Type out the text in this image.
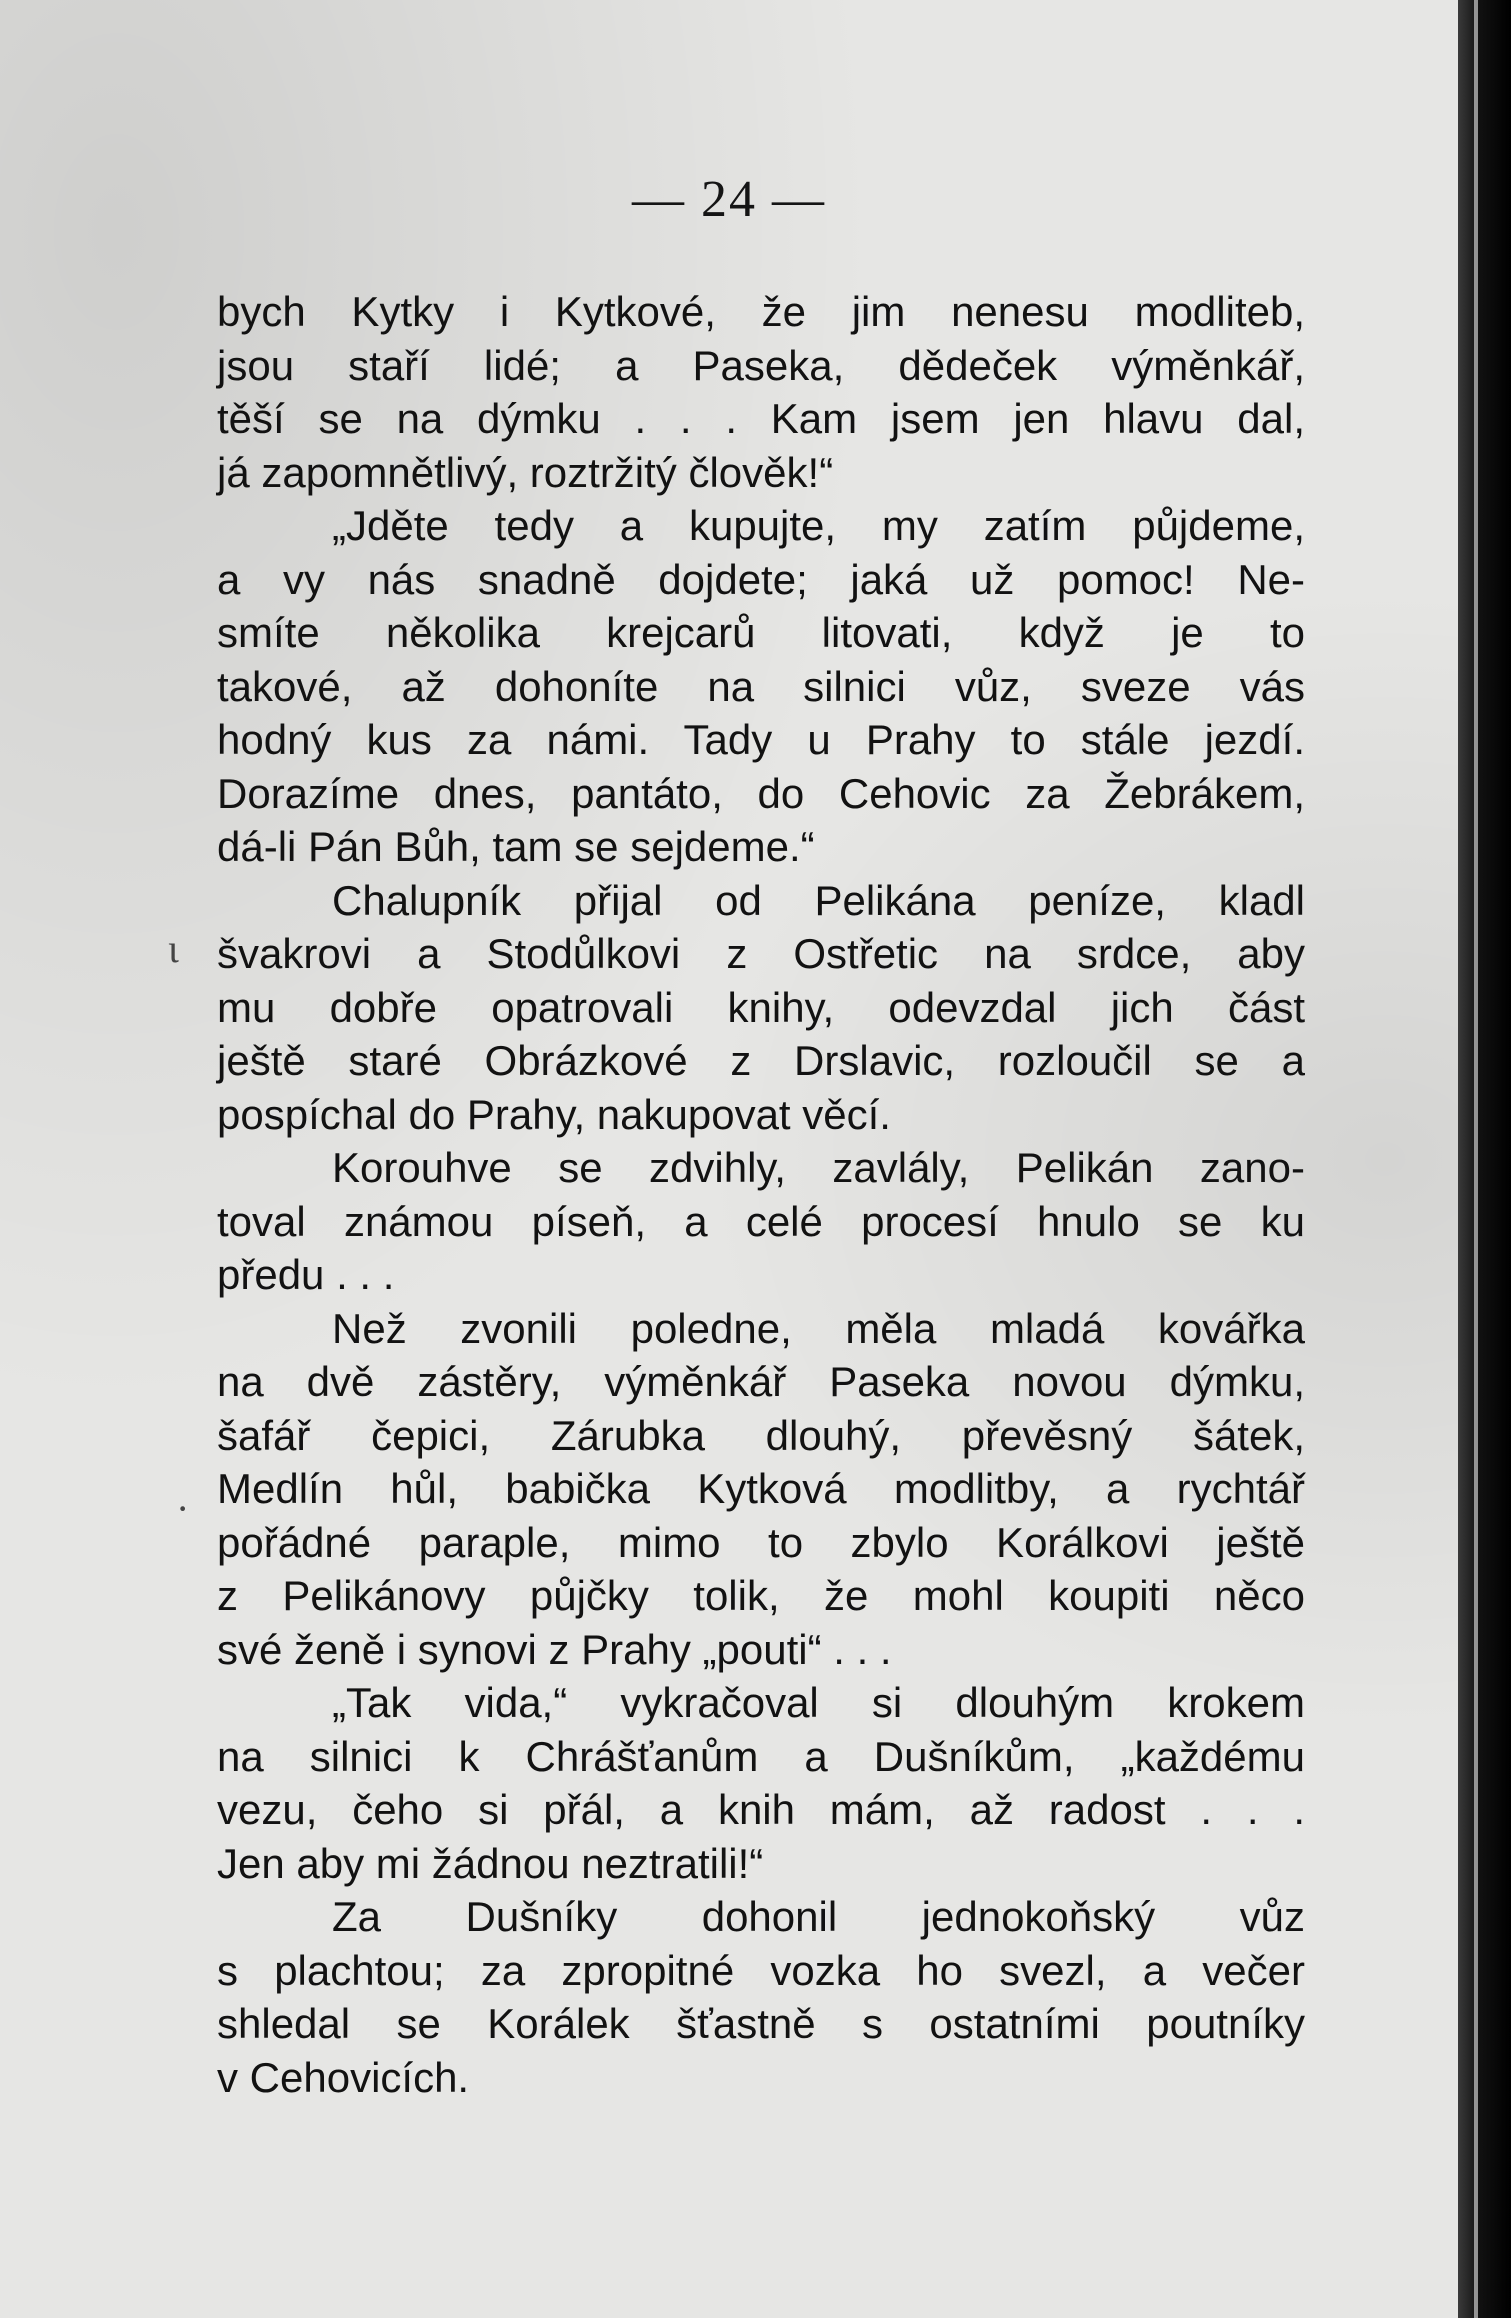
— 24 —
bych Kytky i Kytkové, že jim nenesu modliteb,
jsou staří lidé; a Paseka, dědeček výměnkář,
těší se na dýmku . . . Kam jsem jen hlavu dal,
já zapomnětlivý, roztržitý člověk!“
„Jděte tedy a kupujte, my zatím půjdeme,
a vy nás snadně dojdete; jaká už pomoc! Ne-
smíte několika krejcarů litovati, když je to
takové, až dohoníte na silnici vůz, sveze vás
hodný kus za námi. Tady u Prahy to stále jezdí.
Dorazíme dnes, pantáto, do Cehovic za Žebrákem,
dá-li Pán Bůh, tam se sejdeme.“
Chalupník přijal od Pelikána peníze, kladl
švakrovi a Stodůlkovi z Ostřetic na srdce, aby
mu dobře opatrovali knihy, odevzdal jich část
ještě staré Obrázkové z Drslavic, rozloučil se a
pospíchal do Prahy, nakupovat věcí.
Korouhve se zdvihly, zavlály, Pelikán zano-
toval známou píseň, a celé procesí hnulo se ku
předu . . .
Než zvonili poledne, měla mladá kovářka
na dvě zástěry, výměnkář Paseka novou dýmku,
šafář čepici, Zárubka dlouhý, převěsný šátek,
Medlín hůl, babička Kytková modlitby, a rychtář
pořádné paraple, mimo to zbylo Korálkovi ještě
z Pelikánovy půjčky tolik, že mohl koupiti něco
své ženě i synovi z Prahy „pouti“ . . .
„Tak vida,“ vykračoval si dlouhým krokem
na silnici k Chrášťanům a Dušníkům, „každému
vezu, čeho si přál, a knih mám, až radost . . .
Jen aby mi žádnou neztratili!“
Za Dušníky dohonil jednokoňský vůz
s plachtou; za zpropitné vozka ho svezl, a večer
shledal se Korálek šťastně s ostatními poutníky
v Cehovicích.
ι
·
